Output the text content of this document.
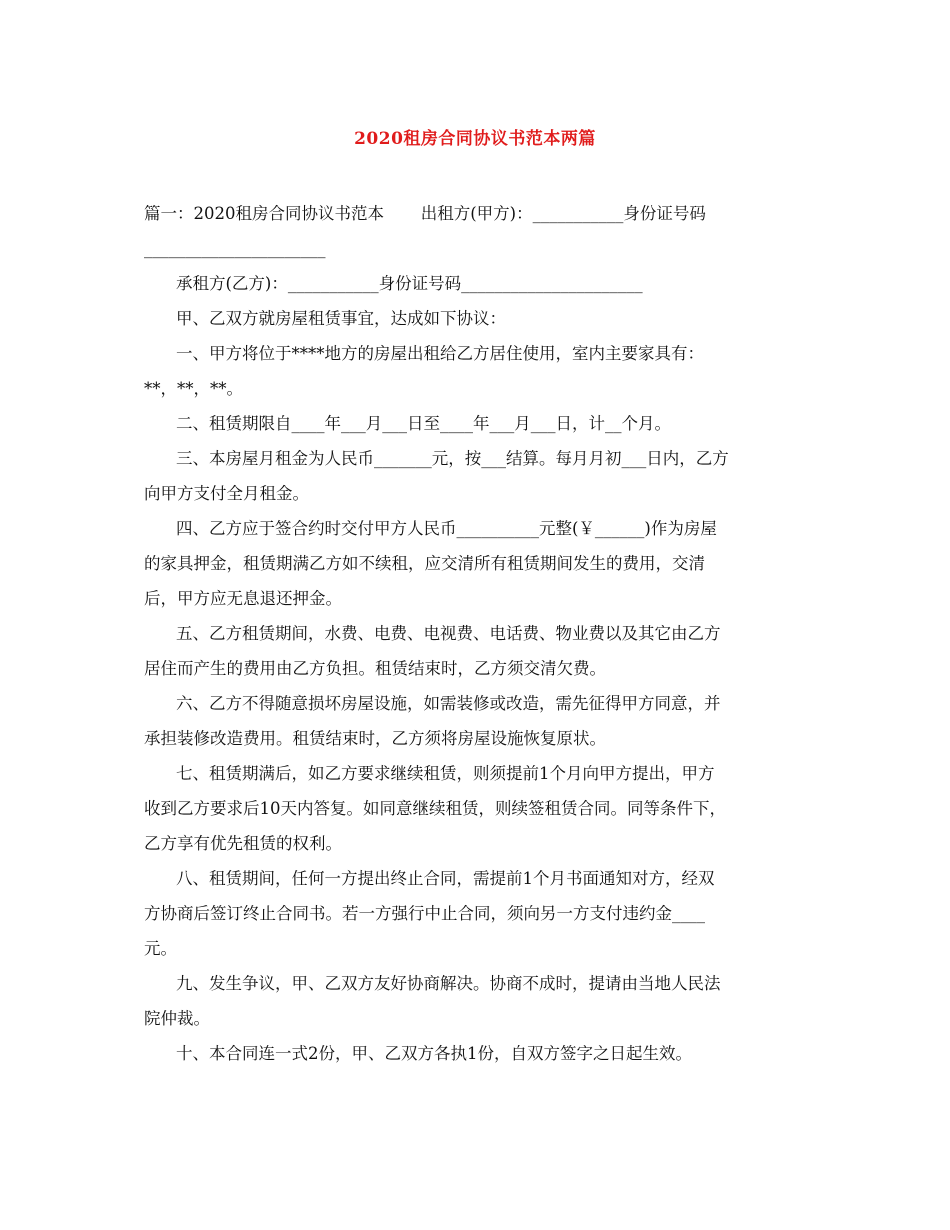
2020租房合同协议书范本两篇
篇一：2020租房合同协议书范本       出租方(甲方)：___________身份证号码
______________________
承租方(乙方)：___________身份证号码______________________
甲、乙双方就房屋租赁事宜，达成如下协议：
一、甲方将位于****地方的房屋出租给乙方居住使用，室内主要家具有：
**，**，**。
二、租赁期限自____年___月___日至____年___月___日，计__个月。
三、本房屋月租金为人民币_______元，按___结算。每月月初___日内，乙方
向甲方支付全月租金。
四、乙方应于签合约时交付甲方人民币__________元整(￥______)作为房屋
的家具押金，租赁期满乙方如不续租，应交清所有租赁期间发生的费用，交清
后，甲方应无息退还押金。
五、乙方租赁期间，水费、电费、电视费、电话费、物业费以及其它由乙方
居住而产生的费用由乙方负担。租赁结束时，乙方须交清欠费。
六、乙方不得随意损坏房屋设施，如需装修或改造，需先征得甲方同意，并
承担装修改造费用。租赁结束时，乙方须将房屋设施恢复原状。
七、租赁期满后，如乙方要求继续租赁，则须提前1个月向甲方提出，甲方
收到乙方要求后10天内答复。如同意继续租赁，则续签租赁合同。同等条件下，
乙方享有优先租赁的权利。
八、租赁期间，任何一方提出终止合同，需提前1个月书面通知对方，经双
方协商后签订终止合同书。若一方强行中止合同，须向另一方支付违约金____
元。
九、发生争议，甲、乙双方友好协商解决。协商不成时，提请由当地人民法
院仲裁。
十、本合同连一式2份，甲、乙双方各执1份，自双方签字之日起生效。
